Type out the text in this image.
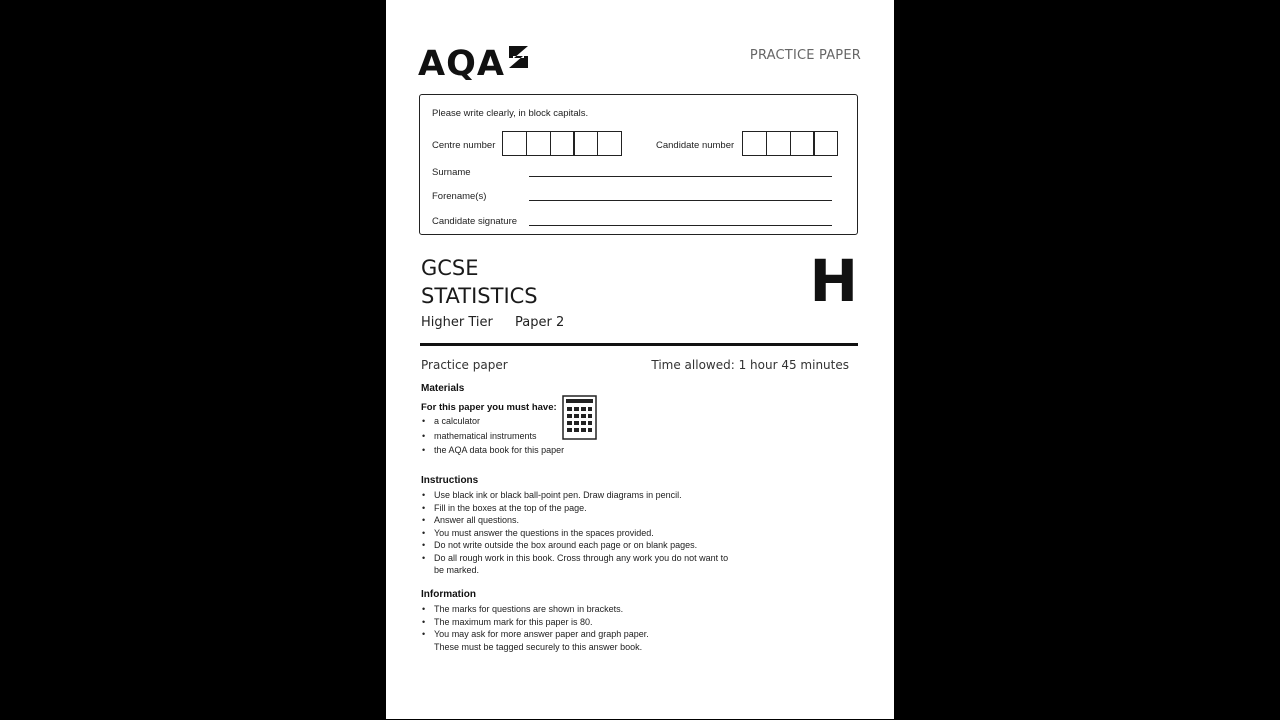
AQA	PRACTICE PAPER
Please write clearly, in block capitals.
Centre number	Candidate number
Surname
Forename(s)
Candidate signature
GCSE
STATISTICS
Higher Tier Paper 2
H
Practice paper	Time allowed: 1 hour 45 minutes
Materials
For this paper you must have:
• a calculator
• mathematical instruments
• the AQA data book for this paper
Instructions
• Use black ink or black ball-point pen. Draw diagrams in pencil.
• Fill in the boxes at the top of the page.
• Answer all questions.
• You must answer the questions in the spaces provided.
• Do not write outside the box around each page or on blank pages.
• Do all rough work in this book. Cross through any work you do not want to be marked.
Information
• The marks for questions are shown in brackets.
• The maximum mark for this paper is 80.
• You may ask for more answer paper and graph paper. These must be tagged securely to this answer book.
